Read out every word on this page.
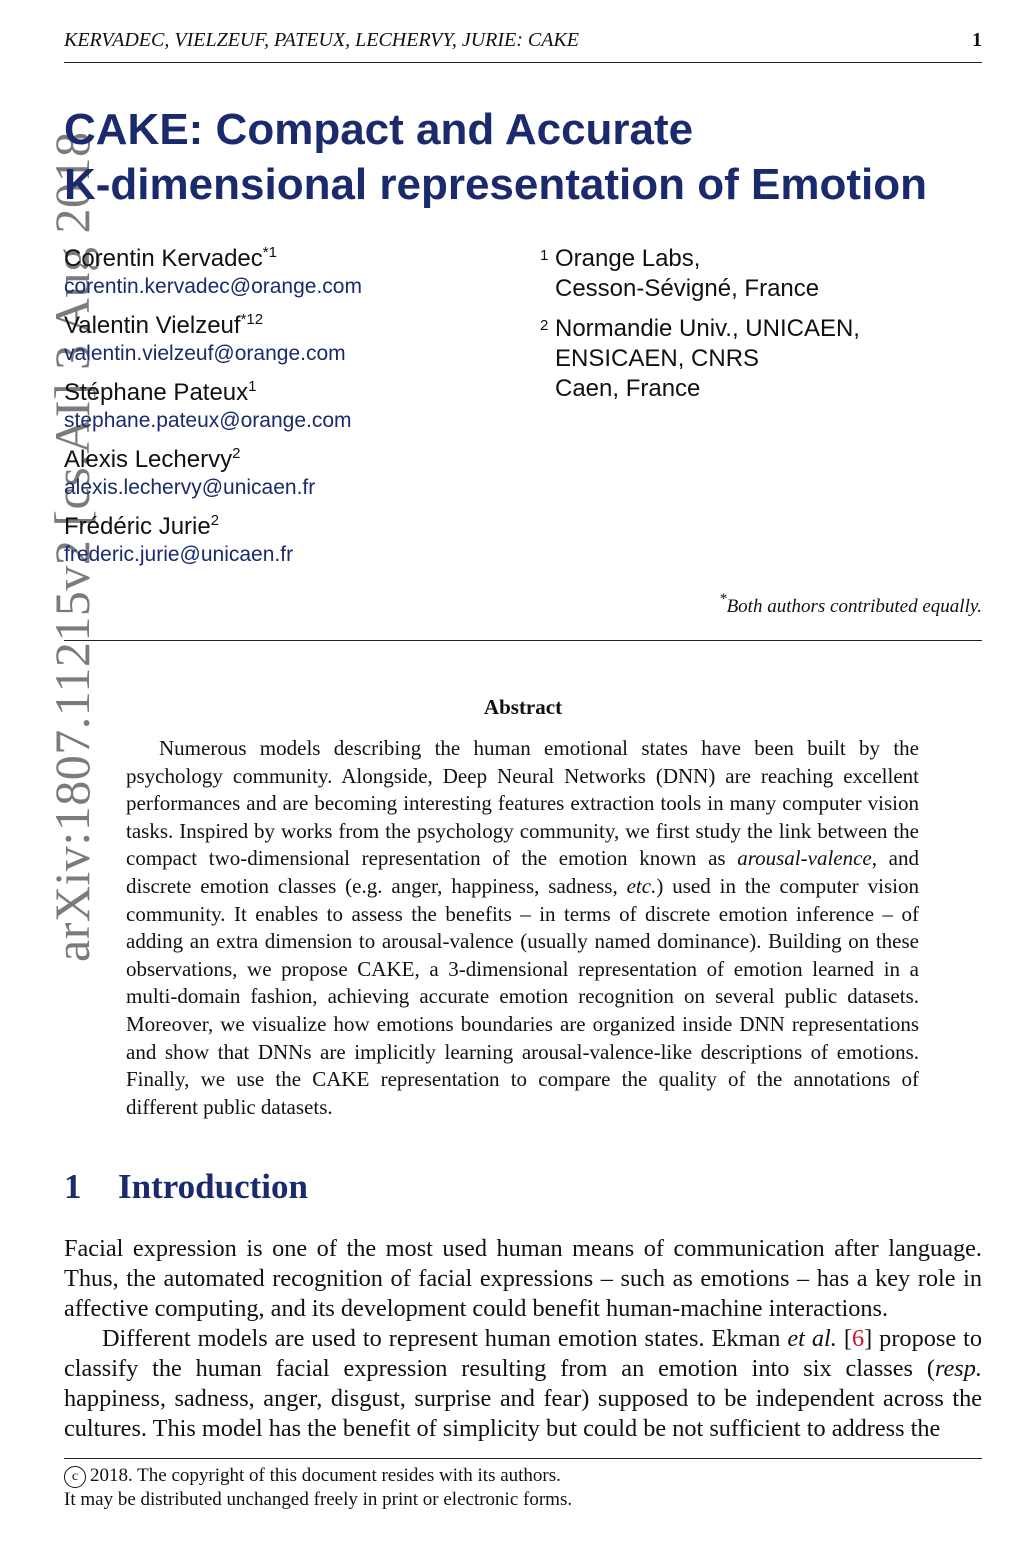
KERVADEC, VIELZEUF, PATEUX, LECHERVY, JURIE: CAKE	1
arXiv:1807.11215v2 [cs.AI] 3 Aug 2018
CAKE: Compact and Accurate
K-dimensional representation of Emotion
Corentin Kervadec$^{*1}$
corentin.kervadec@orange.com
Valentin Vielzeuf$^{*12}$
valentin.vielzeuf@orange.com
Stéphane Pateux$^1$
stephane.pateux@orange.com
Alexis Lechervy$^2$
alexis.lechervy@unicaen.fr
Frédéric Jurie$^2$
frederic.jurie@unicaen.fr
1 Orange Labs,
Cesson-Sévigné, France
2 Normandie Univ., UNICAEN,
ENSICAEN, CNRS
Caen, France
*Both authors contributed equally.
Abstract
Numerous models describing the human emotional states have been built by the psychology community. Alongside, Deep Neural Networks (DNN) are reaching excellent performances and are becoming interesting features extraction tools in many computer vision tasks. Inspired by works from the psychology community, we first study the link between the compact two-dimensional representation of the emotion known as arousal-valence, and discrete emotion classes (e.g. anger, happiness, sadness, etc.) used in the computer vision community. It enables to assess the benefits – in terms of discrete emotion inference – of adding an extra dimension to arousal-valence (usually named dominance). Building on these observations, we propose CAKE, a 3-dimensional representation of emotion learned in a multi-domain fashion, achieving accurate emotion recognition on several public datasets. Moreover, we visualize how emotions boundaries are organized inside DNN representations and show that DNNs are implicitly learning arousal-valence-like descriptions of emotions. Finally, we use the CAKE representation to compare the quality of the annotations of different public datasets.
1 Introduction

Facial expression is one of the most used human means of communication after language. Thus, the automated recognition of facial expressions – such as emotions – has a key role in affective computing, and its development could benefit human-machine interactions.

Different models are used to represent human emotion states. Ekman et al. [6] propose to classify the human facial expression resulting from an emotion into six classes (resp. happiness, sadness, anger, disgust, surprise and fear) supposed to be independent across the cultures. This model has the benefit of simplicity but could be not sufficient to address the

c 2018. The copyright of this document resides with its authors.
It may be distributed unchanged freely in print or electronic forms.
